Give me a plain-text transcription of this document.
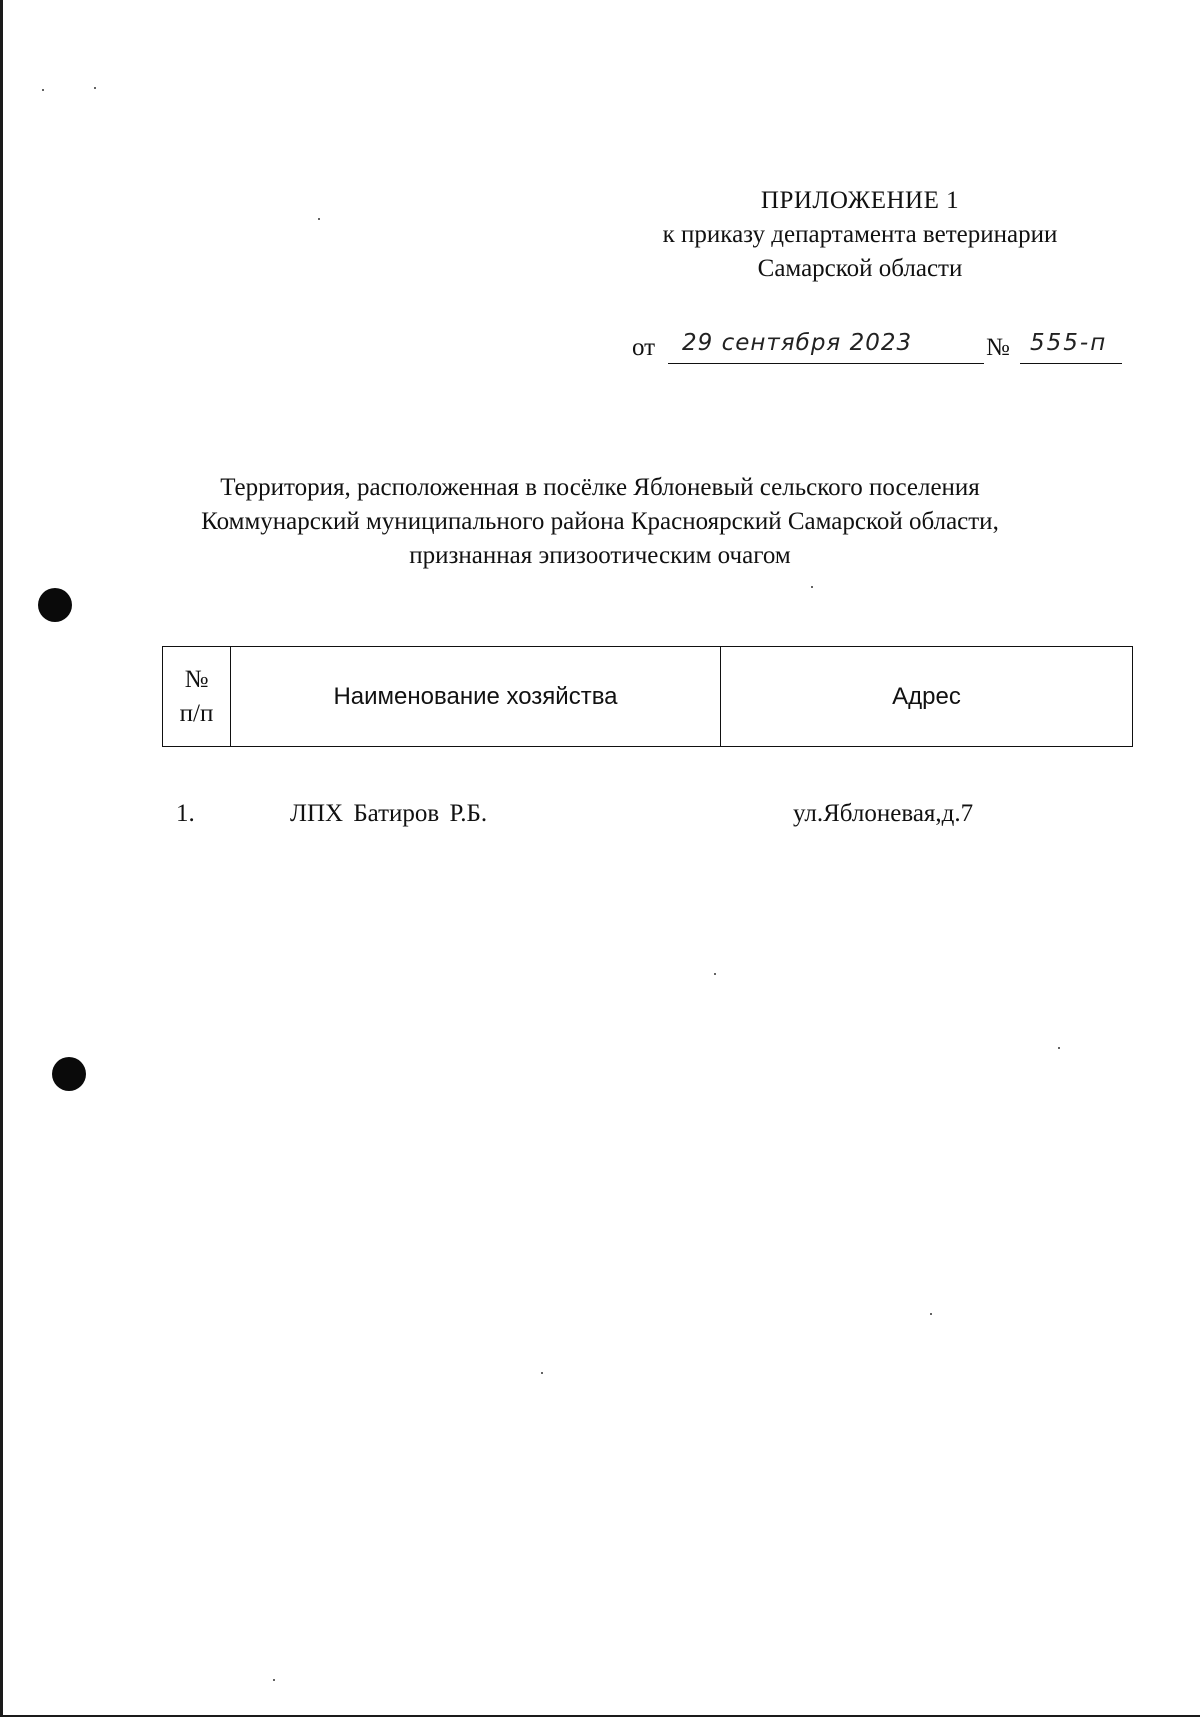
ПРИЛОЖЕНИЕ 1
к приказу департамента ветеринарии
Самарской области
от	29 сентября 2023	№ 555-п
Территория, расположенная в посёлке Яблоневый сельского поселения
Коммунарский муниципального района Красноярский Самарской области,
признанная эпизоотическим очагом
№
п/п
	Наименование хозяйства	Адрес
1.	ЛПХ Батиров Р.Б.	ул.Яблоневая,д.7
